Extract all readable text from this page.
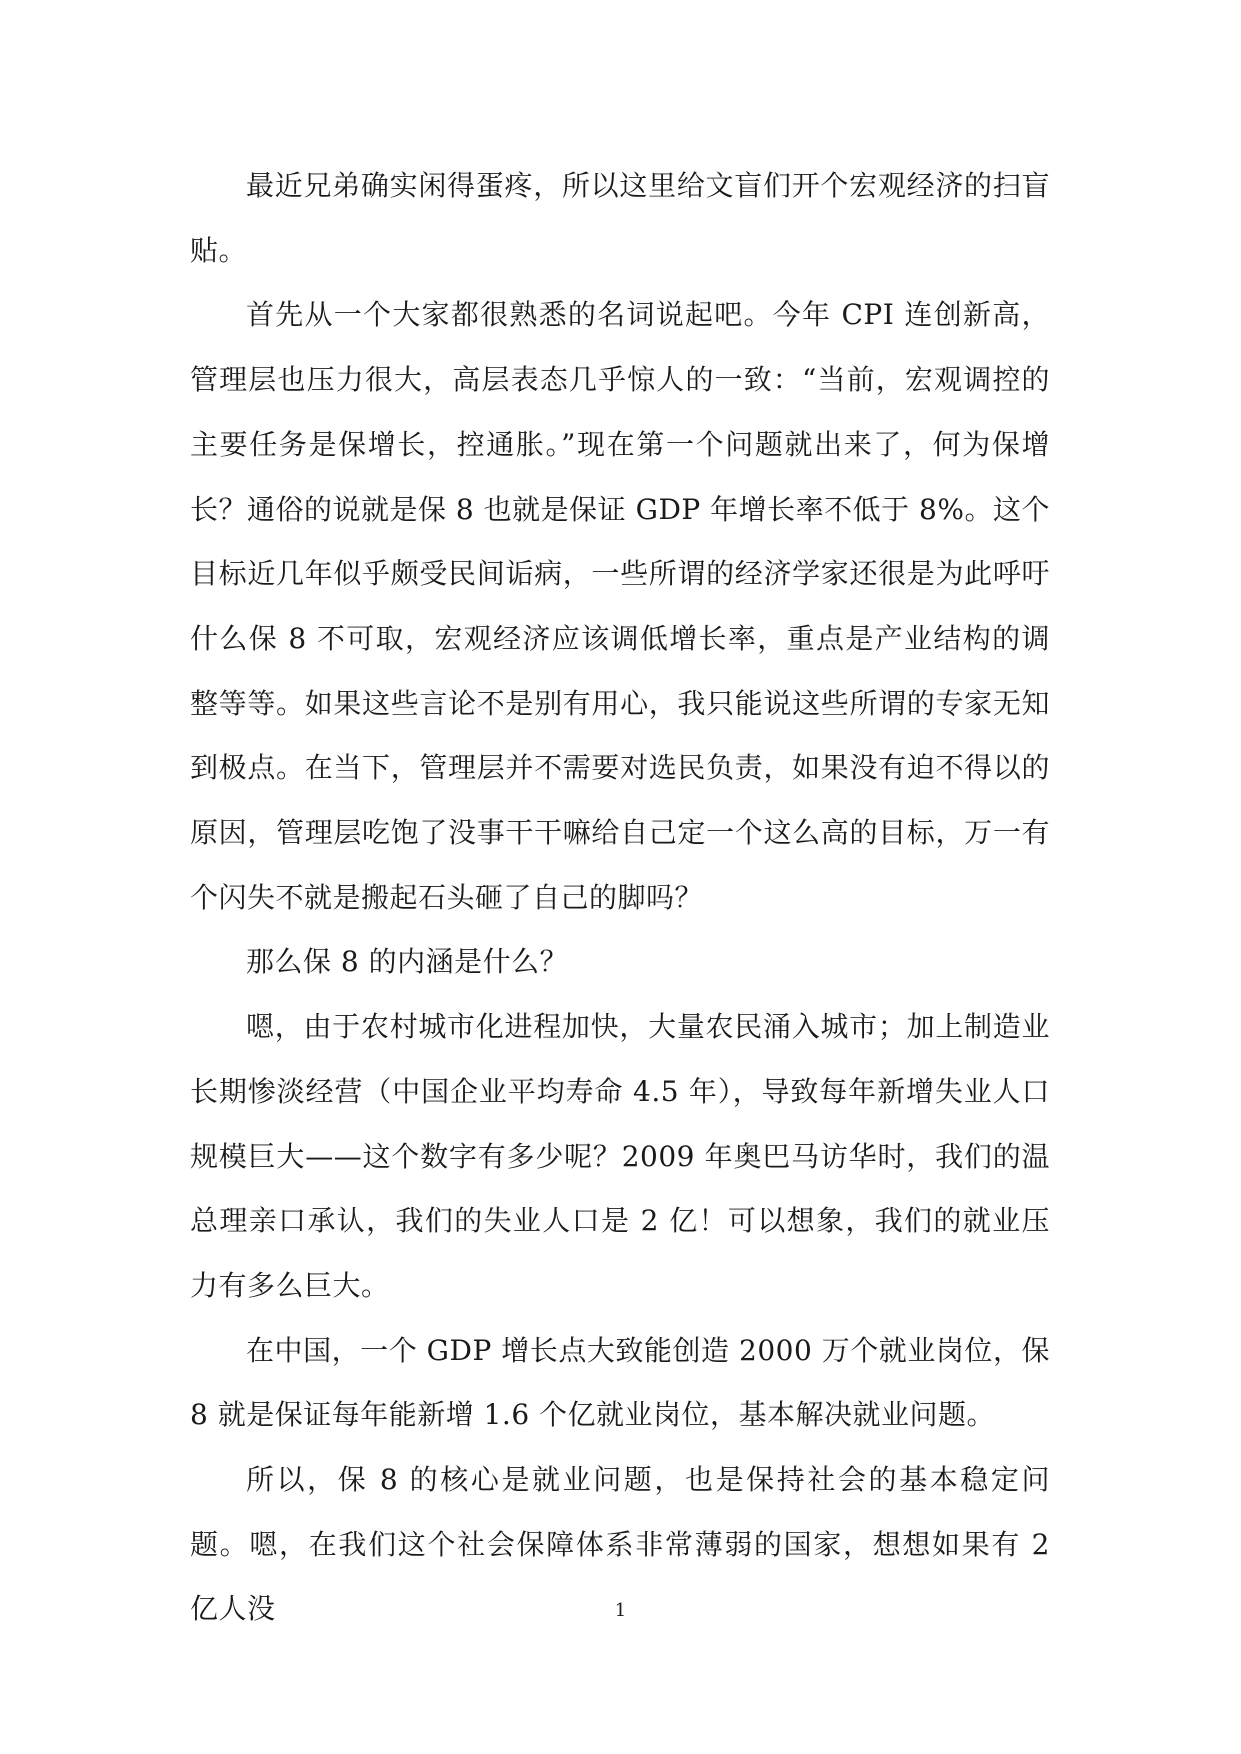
最近兄弟确实闲得蛋疼，所以这里给文盲们开个宏观经济的扫盲贴。

首先从一个大家都很熟悉的名词说起吧。今年 CPI 连创新高，管理层也压力很大，高层表态几乎惊人的一致：“当前，宏观调控的主要任务是保增长，控通胀。”现在第一个问题就出来了，何为保增长？通俗的说就是保 8 也就是保证 GDP 年增长率不低于 8%。这个目标近几年似乎颇受民间诟病，一些所谓的经济学家还很是为此呼吁什么保 8 不可取，宏观经济应该调低增长率，重点是产业结构的调整等等。如果这些言论不是别有用心，我只能说这些所谓的专家无知到极点。在当下，管理层并不需要对选民负责，如果没有迫不得以的原因，管理层吃饱了没事干干嘛给自己定一个这么高的目标，万一有个闪失不就是搬起石头砸了自己的脚吗？

那么保 8 的内涵是什么？

嗯，由于农村城市化进程加快，大量农民涌入城市；加上制造业长期惨淡经营（中国企业平均寿命 4.5 年），导致每年新增失业人口规模巨大——这个数字有多少呢？2009 年奥巴马访华时，我们的温总理亲口承认，我们的失业人口是 2 亿！可以想象，我们的就业压力有多么巨大。

在中国，一个 GDP 增长点大致能创造 2000 万个就业岗位，保 8 就是保证每年能新增 1.6 个亿就业岗位，基本解决就业问题。

所以，保 8 的核心是就业问题，也是保持社会的基本稳定问题。嗯，在我们这个社会保障体系非常薄弱的国家，想想如果有 2 亿人没	1
